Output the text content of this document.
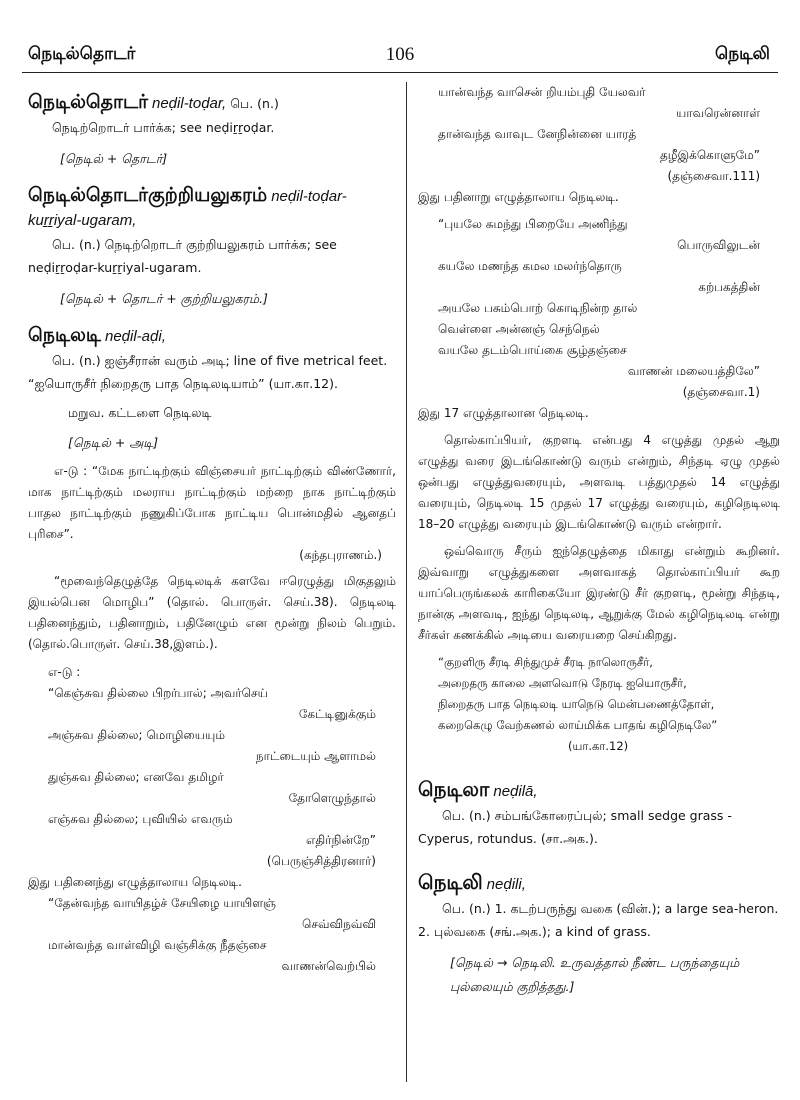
நெடில்தொடர்	106	நெடிலி

நெடில்தொடர் neḍil-toḍar, பெ. (n.)

நெடிற்றொடர் பார்க்க; see neḍiṟṟoḍar.

[நெடில் + தொடர்]

நெடில்தொடர்குற்றியலுகரம் neḍil-toḍar-kuṟṟiyal-ugaram,

பெ. (n.) நெடிற்றொடர் குற்றியலுகரம் பார்க்க; see neḍiṟṟoḍar-kuṟṟiyal-ugaram.

[நெடில் + தொடர் + குற்றியலுகரம்.]

நெடிலடி neḍil-aḍi,

பெ. (n.) ஐஞ்சீரான் வரும் அடி; line of five metrical feet. “ஐயொருசீர் நிறைதரு பாத நெடிலடியாம்” (யா.கா.12).

மறுவ. கட்டளை நெடிலடி

[நெடில் + அடி]

எ-டு : “மேக நாட்டிற்கும் விஞ்சையர் நாட்டிற்கும் விண்ணோர், மாக நாட்டிற்கும் மலராய நாட்டிற்கும் மற்றை நாக நாட்டிற்கும் பாதல நாட்டிற்கும் நணுகிப்போக நாட்டிய பொன்மதில் ஆனதப் புரிசை”.

(கந்தபுராணம்.)

“மூவைந்தெழுத்தே நெடிலடிக் களவே ஈரெழுத்து மிகுதலும் இயல்பென மொழிப” (தொல். பொருள். செய்.38). நெடிலடி பதினைந்தும், பதினாறும், பதினேழும் என மூன்று நிலம் பெறும். (தொல்.பொருள். செய்.38,இளம்.).

எ-டு :

“கெஞ்சுவ தில்லை பிறர்பால்; அவர்செய்

கேட்டினுக்கும்

அஞ்சுவ தில்லை; மொழியையும்

நாட்டையும் ஆளாமல்

துஞ்சுவ தில்லை; எனவே தமிழர்

தோளெழுந்தால்

எஞ்சுவ தில்லை; புவியில் எவரும்

எதிர்நின்றே”

(பெருஞ்சித்திரனார்)

இது பதினைந்து எழுத்தாலாய நெடிலடி.

“தேன்வந்த வாயிதழ்ச் சேயிழை யாயிளஞ்

செவ்விநவ்வி

மான்வந்த வாள்விழி வஞ்சிக்கு நீதஞ்சை

வாணன்வெற்பில்

யான்வந்த வாசென் றியம்புதி யேலவர்

யாவரென்னாள்

தான்வந்த வாவுட னேநின்னை யாரத்

தழீஇக்கொளுமே”

(தஞ்சைவா.111)

இது பதினாறு எழுத்தாலாய நெடிலடி.

“புயலே சுமந்து பிறையே அணிந்து

பொருவிலுடன்

கயலே மணந்த கமல மலர்ந்தொரு

கற்பகத்தின்

அயலே பசும்பொற் கொடிநின்ற தால்

வெள்ளை அன்னஞ் செந்நெல்

வயலே தடம்பொய்கை சூழ்தஞ்சை

வாணன் மலையத்திலே”

(தஞ்சைவா.1)

இது 17 எழுத்தாலான நெடிலடி.

தொல்காப்பியர், குறளடி என்பது 4 எழுத்து முதல் ஆறு எழுத்து வரை இடங்கொண்டு வரும் என்றும், சிந்தடி ஏழு முதல் ஒன்பது எழுத்துவரையும், அளவடி பத்துமுதல் 14 எழுத்து வரையும், நெடிலடி 15 முதல் 17 எழுத்து வரையும், கழிநெடிலடி 18–20 எழுத்து வரையும் இடங்கொண்டு வரும் என்றார்.

ஒவ்வொரு சீரும் ஐந்தெழுத்தை மிகாது என்றும் கூறினர். இவ்வாறு எழுத்துகளை அளவாகத் தொல்காப்பியர் கூற யாப்பெருங்கலக் காரிகையோ இரண்டு சீர் குறளடி, மூன்று சிந்தடி, நான்கு அளவடி, ஐந்து நெடிலடி, ஆறுக்கு மேல் கழிநெடிலடி என்று சீர்கள் கணக்கில் அடியை வரையறை செய்கிறது.

“குறளிரு சீரடி சிந்துமுச் சீரடி நாலொருசீர்,

அறைதரு காலை அளவொடு நேரடி ஐயொருசீர்,

நிறைதரு பாத நெடிலடி யாநெடு மென்பணைத்தோள்,

கறைகெழு வேற்கணல் லாய்மிக்க பாதங் கழிநெடிலே”

(யா.கா.12)

நெடிலா neḍilā,

பெ. (n.) சம்பங்கோரைப்புல்; small sedge grass - Cyperus, rotundus. (சா.அக.).

நெடிலி neḍili,

பெ. (n.) 1. கடற்பருந்து வகை (வின்.); a large sea-heron. 2. புல்வகை (சங்.அக.); a kind of grass.

[நெடில் → நெடிலி. உருவத்தால் நீண்ட பருந்தையும் புல்லையும் குறித்தது.]
